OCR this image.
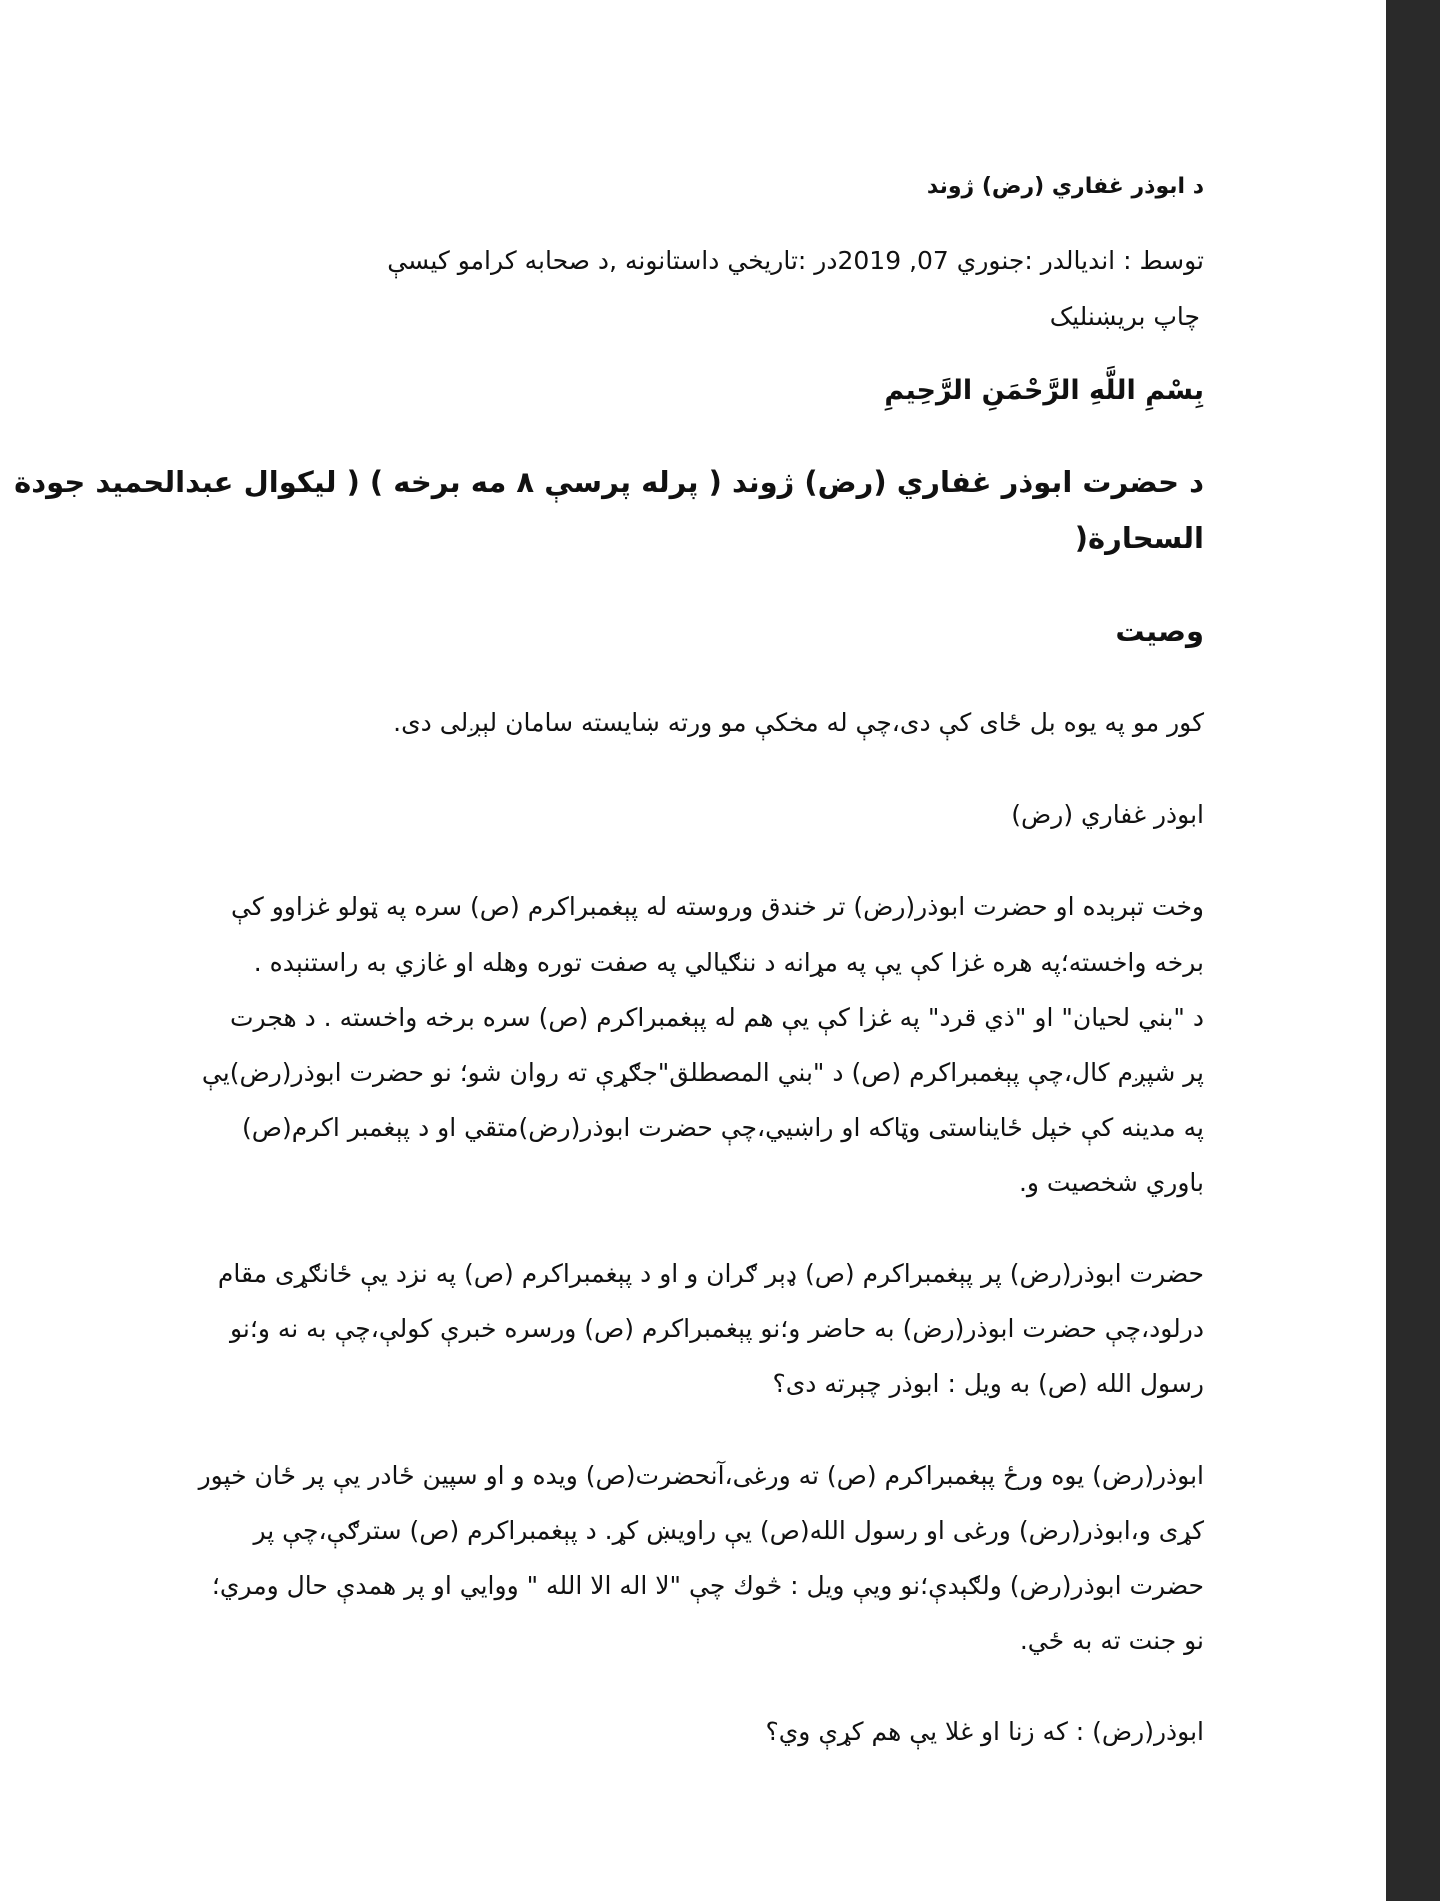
د ابوذر غفاري (رض) ژوند
توسط : اندیالدر :جنوري 07, 2019در :تاریخي داستانونه ,د صحابه کرامو کیسې
چاپ بریښنلیک
بِسْمِ اللَّهِ الرَّحْمَنِ الرَّحِيمِ
د حضرت ابوذر غفاري (رض) ژوند ( پرله پرسې ٨ مه برخه ) ( لیکوال عبدالحمید جودة
السحارة(
وصیت
کور مو په یوه بل ځای کې دی،چې له مخکې مو ورته ښایسته سامان لېږلی دی.
ابوذر غفاري (رض)
وخت تېرېده او حضرت ابوذر(رض) تر خندق وروسته له پېغمبراکرم (ص) سره په ټولو غزاوو کې
برخه واخسته؛په هره غزا کې یې په مړانه د ننګیالي په صفت توره وهله او غازي به راستنېده .
د "بني لحیان" او "ذي قرد" په غزا کې یې هم له پېغمبراکرم (ص) سره برخه واخسته . د هجرت
پر شپږم کال،چې پېغمبراکرم (ص) د "بني المصطلق"جګړې ته روان شو؛ نو حضرت ابوذر(رض)یې
په مدینه کې خپل ځایناستی وټاکه او راښیي،چې حضرت ابوذر(رض)متقي او د پېغمبر اکرم(ص)
باوري شخصیت و.
حضرت ابوذر(رض) پر پېغمبراکرم (ص) ډېر ګران و او د پېغمبراکرم (ص) په نزد یې ځانګړی مقام
درلود،چې حضرت ابوذر(رض) به حاضر و؛نو پېغمبراکرم (ص) ورسره خبرې کولې،چې به نه و؛نو
رسول الله (ص) به ویل : ابوذر چېرته دی؟
ابوذر(رض) یوه ورځ پېغمبراکرم (ص) ته ورغی،آنحضرت(ص) ویده و او سپین ځادر یې پر ځان خپور
کړی و،ابوذر(رض) ورغی او رسول الله(ص) یې راویښ کړ. د پېغمبراکرم (ص) سترګې،چې پر
حضرت ابوذر(رض) ولګېدې؛نو ویې ویل : څوك چې "لا اله الا الله " ووايي او پر همدې حال ومري؛
نو جنت ته به ځي.
ابوذر(رض) : که زنا او غلا یې هم کړې وي؟
